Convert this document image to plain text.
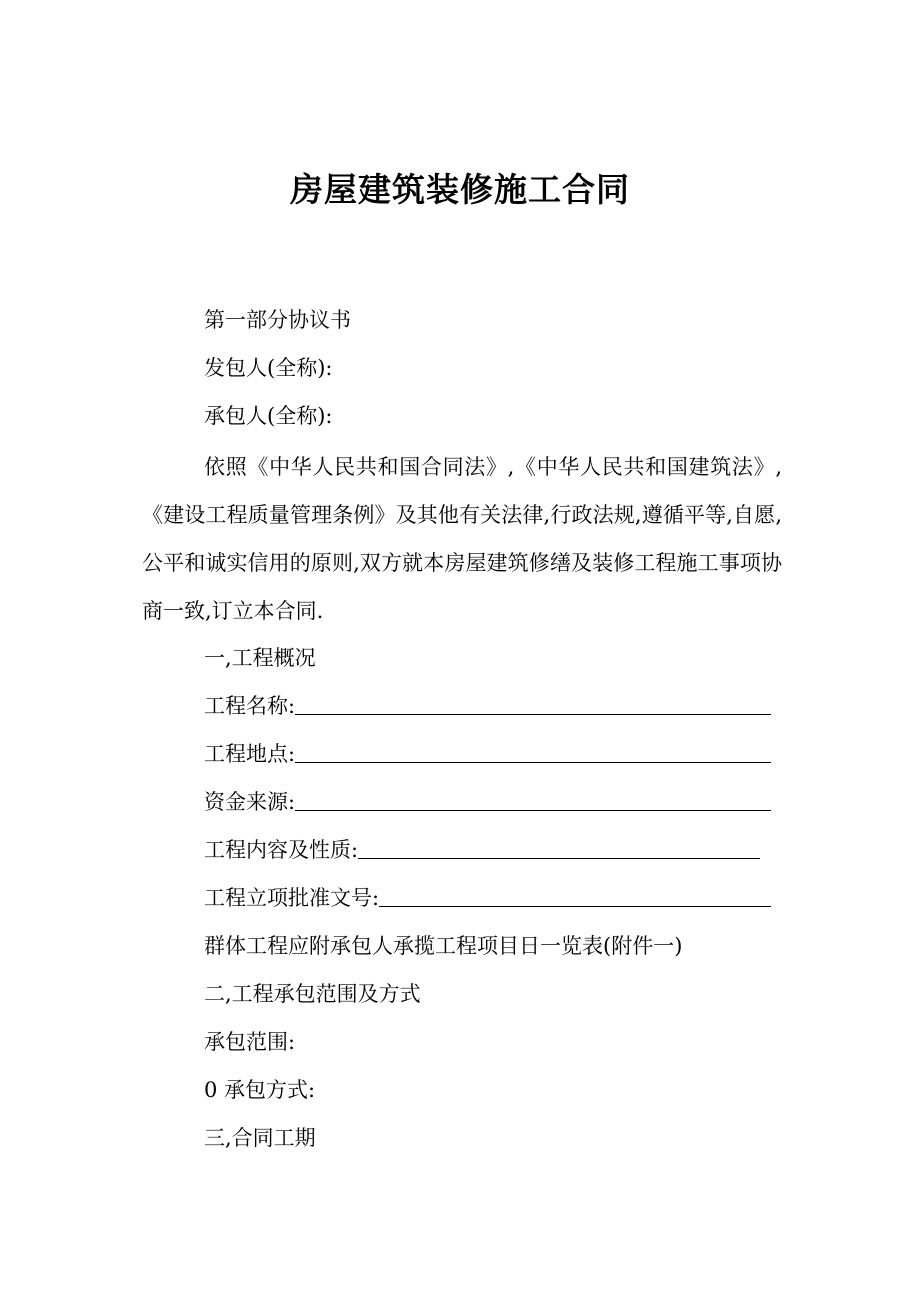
房屋建筑装修施工合同
第一部分协议书
发包人(全称):
承包人(全称):
依照《中华人民共和国合同法》,《中华人民共和国建筑法》,《建设工程质量管理条例》及其他有关法律,行政法规,遵循平等,自愿,公平和诚实信用的原则,双方就本房屋建筑修缮及装修工程施工事项协商一致,订立本合同.
一,工程概况
工程名称:
工程地点:
资金来源:
工程内容及性质:
工程立项批准文号:
群体工程应附承包人承揽工程项目日一览表(附件一)
二,工程承包范围及方式
承包范围:
0 承包方式:
三,合同工期
